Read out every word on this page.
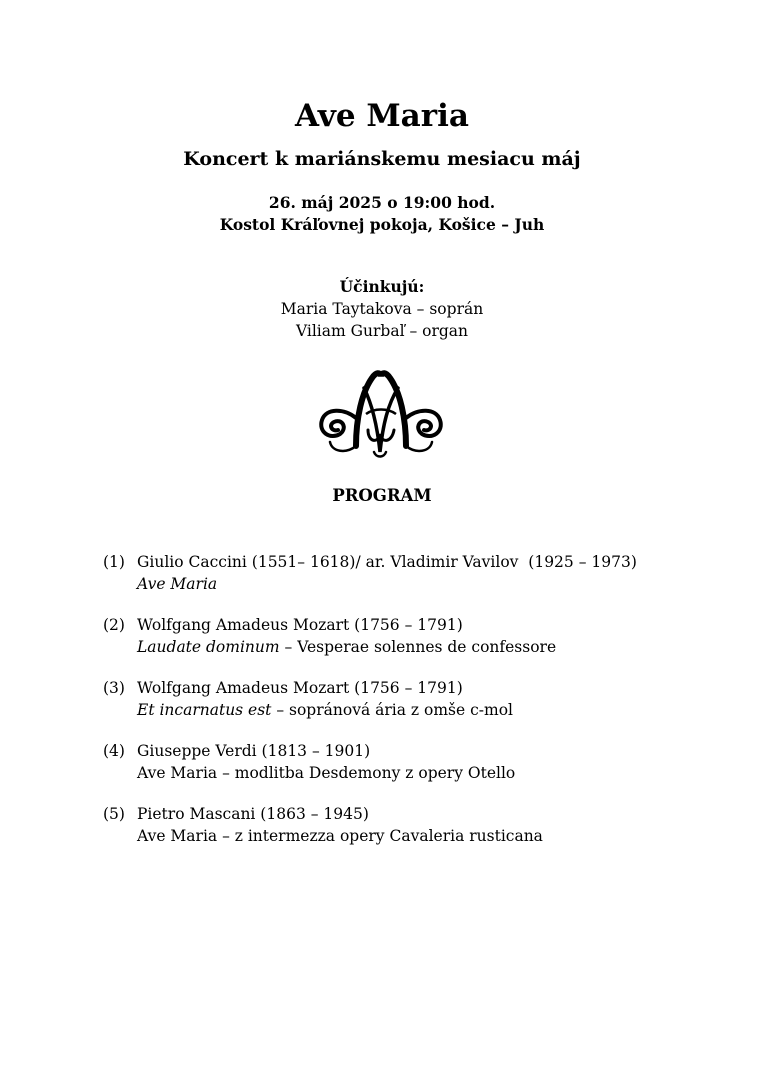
Ave Maria
Koncert k mariánskemu mesiacu máj
26. máj 2025 o 19:00 hod.
Kostol Kráľovnej pokoja, Košice – Juh
Účinkujú:
Maria Taytakova – soprán
Viliam Gurbaľ – organ
PROGRAM
(1) Giulio Caccini (1551– 1618)/ ar. Vladimir Vavilov  (1925 – 1973)
Ave Maria
(2) Wolfgang Amadeus Mozart (1756 – 1791)
Laudate dominum – Vesperae solennes de confessore
(3) Wolfgang Amadeus Mozart (1756 – 1791)
Et incarnatus est – sopránová ária z omše c-mol
(4) Giuseppe Verdi (1813 – 1901)
Ave Maria – modlitba Desdemony z opery Otello
(5) Pietro Mascani (1863 – 1945)
Ave Maria – z intermezza opery Cavaleria rusticana
